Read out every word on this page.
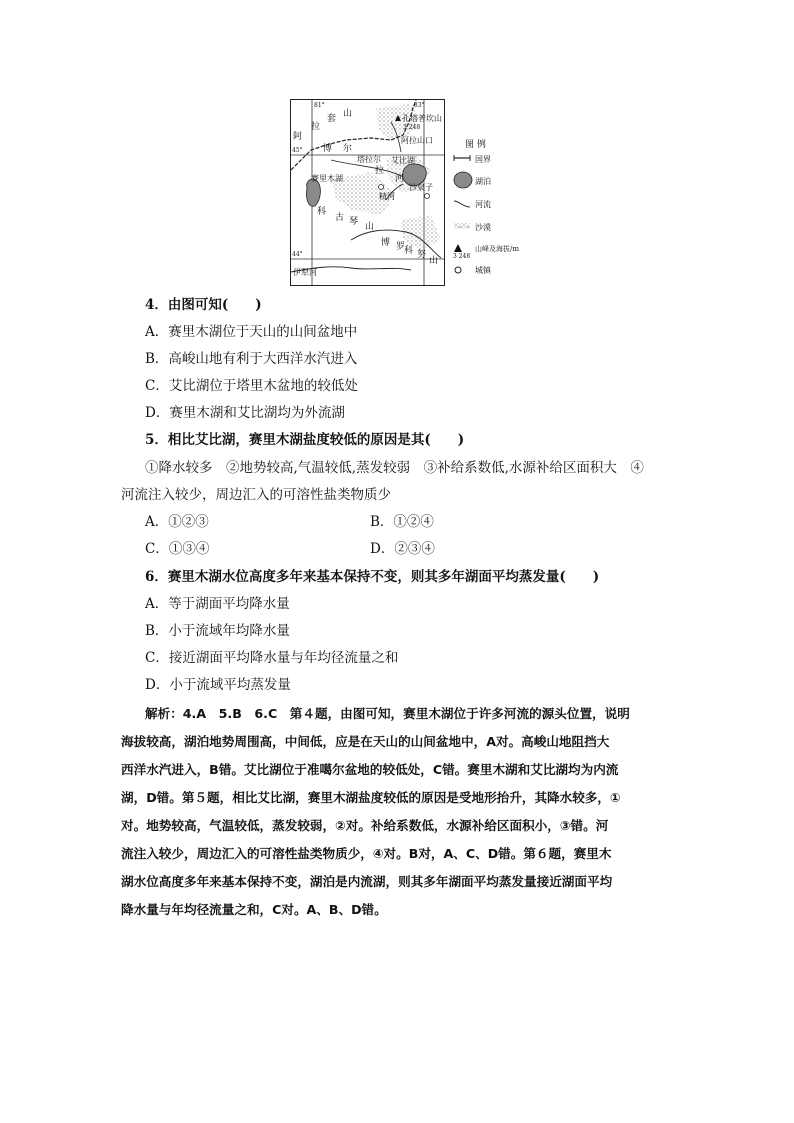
81°	83°
45°
44°
孔塔普坎山
3 248
阿
拉
套 山
阿拉山口
博 尔
塔拉尔
拉
河
艾比湖
沙泉子
赛里木湖
精河
科
古 琴 山
博 罗
科 努
山
伊犁河
图 例
国界
湖泊
河流
沙漠
山峰及海拔/m
3 248
城镇
4．由图可知(　　)
A．赛里木湖位于天山的山间盆地中
B．高峻山地有利于大西洋水汽进入
C．艾比湖位于塔里木盆地的较低处
D．赛里木湖和艾比湖均为外流湖
5．相比艾比湖，赛里木湖盐度较低的原因是其(　　)
①降水较多　②地势较高,气温较低,蒸发较弱　③补给系数低,水源补给区面积大　④
河流注入较少，周边汇入的可溶性盐类物质少
A．①②③	B．①②④
C．①③④	D．②③④
6．赛里木湖水位高度多年来基本保持不变，则其多年湖面平均蒸发量(　　)
A．等于湖面平均降水量
B．小于流域年均降水量
C．接近湖面平均降水量与年均径流量之和
D．小于流域平均蒸发量
解析：4.A　5.B　6.C　第４题，由图可知，赛里木湖位于许多河流的源头位置，说明
海拔较高，湖泊地势周围高，中间低，应是在天山的山间盆地中，A对。高峻山地阻挡大
西洋水汽进入，B错。艾比湖位于准噶尔盆地的较低处，C错。赛里木湖和艾比湖均为内流
湖，D错。第５题，相比艾比湖，赛里木湖盐度较低的原因是受地形抬升，其降水较多，①
对。地势较高，气温较低，蒸发较弱，②对。补给系数低，水源补给区面积小，③错。河
流注入较少，周边汇入的可溶性盐类物质少，④对。B对，A、C、D错。第６题，赛里木
湖水位高度多年来基本保持不变，湖泊是内流湖，则其多年湖面平均蒸发量接近湖面平均
降水量与年均径流量之和，C对。A、B、D错。
